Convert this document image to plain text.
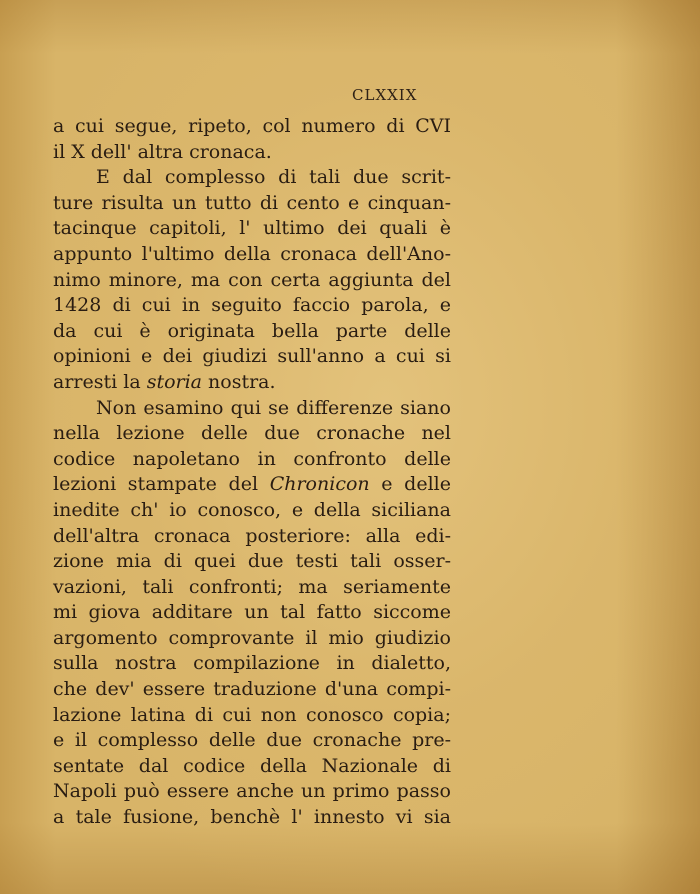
CLXXIX
a cui segue, ripeto, col numero di CVI
il X dell' altra cronaca.
E dal complesso di tali due scrit-
ture risulta un tutto di cento e cinquan-
tacinque capitoli, l' ultimo dei quali è
appunto l'ultimo della cronaca dell'Ano-
nimo minore, ma con certa aggiunta del
1428 di cui in seguito faccio parola, e
da cui è originata bella parte delle
opinioni e dei giudizi sull'anno a cui si
arresti la storia nostra.
Non esamino qui se differenze siano
nella lezione delle due cronache nel
codice napoletano in confronto delle
lezioni stampate del Chronicon e delle
inedite ch' io conosco, e della siciliana
dell'altra cronaca posteriore: alla edi-
zione mia di quei due testi tali osser-
vazioni, tali confronti; ma seriamente
mi giova additare un tal fatto siccome
argomento comprovante il mio giudizio
sulla nostra compilazione in dialetto,
che dev' essere traduzione d'una compi-
lazione latina di cui non conosco copia;
e il complesso delle due cronache pre-
sentate dal codice della Nazionale di
Napoli può essere anche un primo passo
a tale fusione, benchè l' innesto vi sia
